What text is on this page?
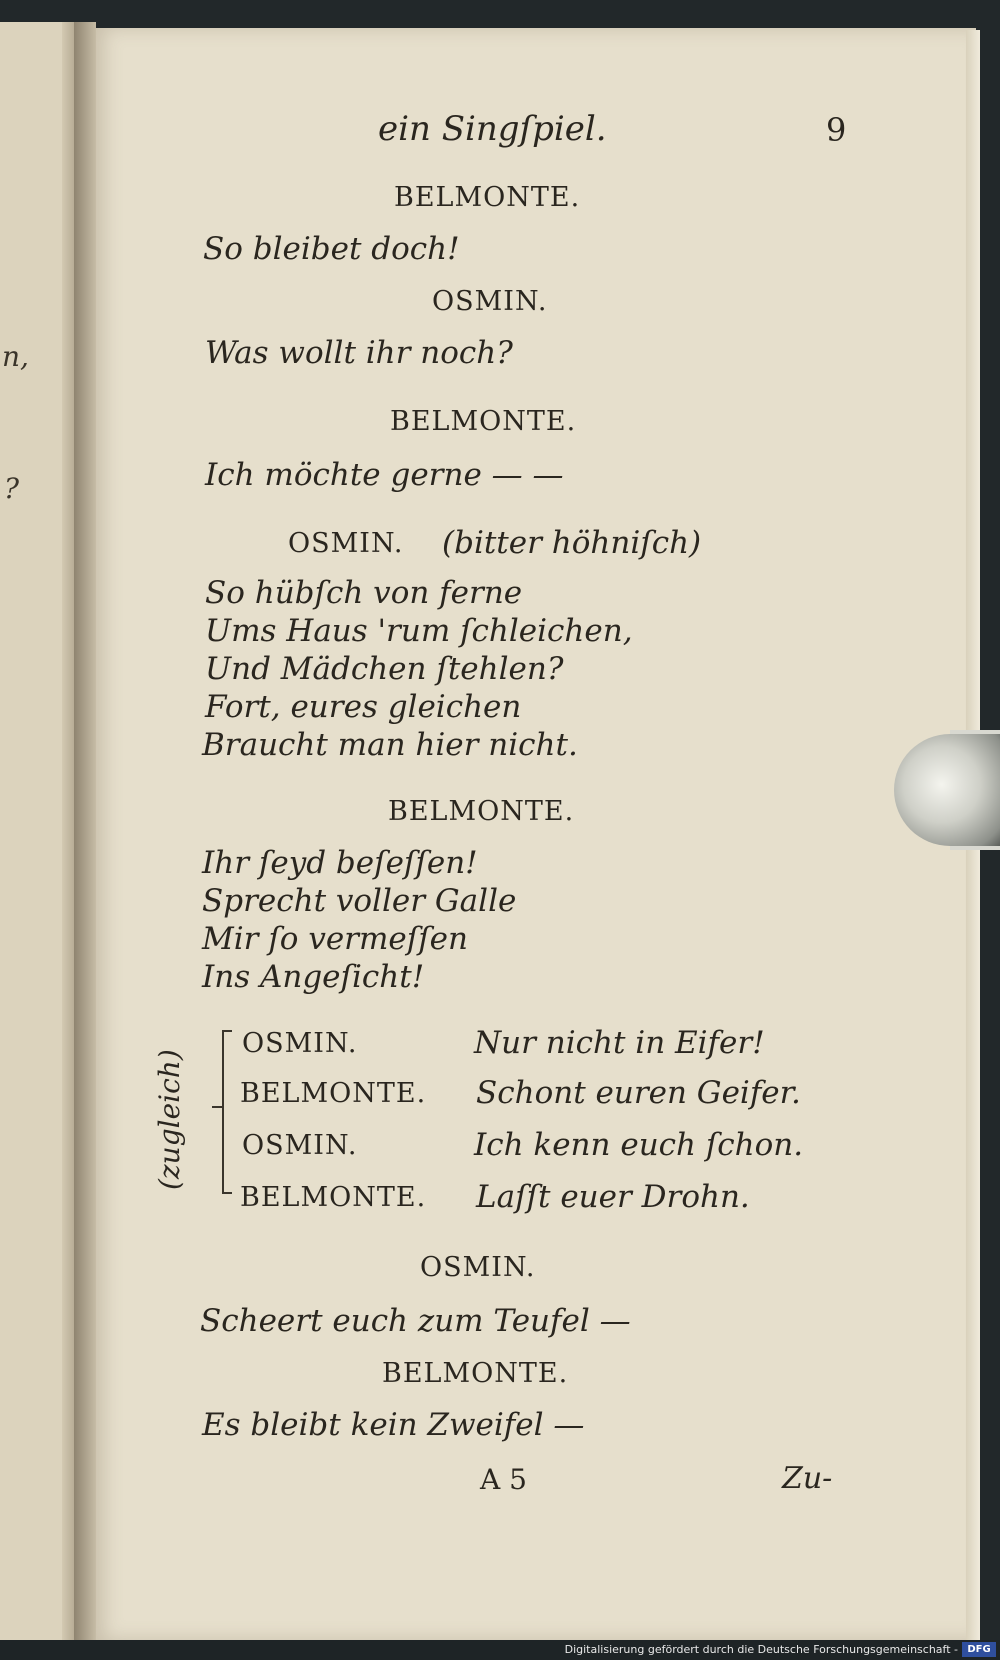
n,
?
ein Singſpiel.	9
BELMONTE.
So bleibet doch!
OSMIN.
Was wollt ihr noch?
BELMONTE.
Ich möchte gerne — —
OSMIN. (bitter höhniſch)
So hübſch von ferne
Ums Haus 'rum ſchleichen,
Und Mädchen ſtehlen?
Fort, eures gleichen
Braucht man hier nicht.
BELMONTE.
Ihr ſeyd beſeſſen!
Sprecht voller Galle
Mir ſo vermeſſen
Ins Angeſicht!
(zugleich)
OSMIN.	Nur nicht in Eifer!
BELMONTE. Schont euren Geifer.
OSMIN.	Ich kenn euch ſchon.
BELMONTE. Laſſt euer Drohn.
OSMIN.
Scheert euch zum Teufel —
BELMONTE.
Es bleibt kein Zweifel —
A 5	Zu-
Digitalisierung gefördert durch die Deutsche Forschungsgemeinschaft - DFG
